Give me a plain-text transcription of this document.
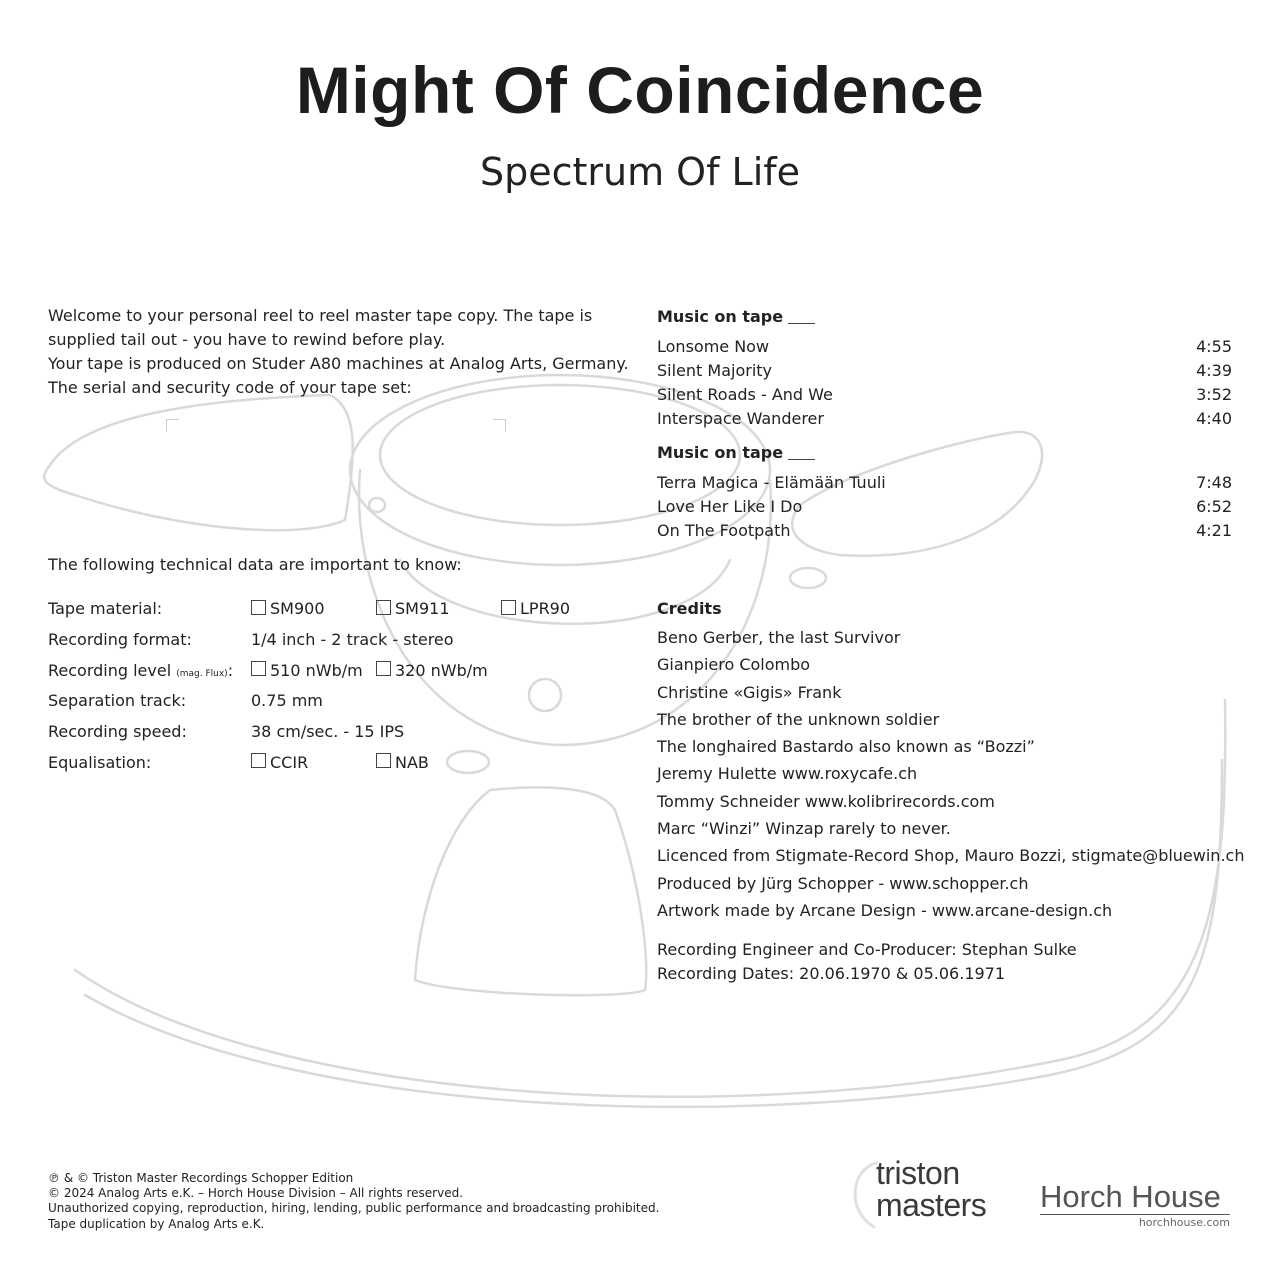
Might Of Coincidence
Spectrum Of Life

Welcome to your personal reel to reel master tape copy. The tape is supplied tail out - you have to rewind before play.

Your tape is produced on Studer A80 machines at Analog Arts, Germany.

The serial and security code of your tape set:

The following technical data are important to know:

Tape material:	SM900	SM911	LPR90
Recording format:	1/4 inch - 2 track - stereo
Recording level (mag. Flux): 510 nWb/m 320 nWb/m
Separation track:	0.75 mm
Recording speed:	38 cm/sec. - 15 IPS
Equalisation:	CCIR	NAB

Music on tape

Lonsome Now	4:55
Silent Majority	4:39
Silent Roads - And We	3:52
Interspace Wanderer	4:40

Music on tape

Terra Magica - Elämään Tuuli	7:48
Love Her Like I Do	6:52
On The Footpath	4:21

Credits

Beno Gerber, the last Survivor
Gianpiero Colombo
Christine «Gigis» Frank
The brother of the unknown soldier
The longhaired Bastardo also known as “Bozzi”
Jeremy Hulette www.roxycafe.ch
Tommy Schneider www.kolibrirecords.com
Marc “Winzi” Winzap rarely to never.
Licenced from Stigmate-Record Shop, Mauro Bozzi, stigmate@bluewin.ch
Produced by Jürg Schopper - www.schopper.ch
Artwork made by Arcane Design - www.arcane-design.ch

Recording Engineer and Co-Producer: Stephan Sulke

Recording Dates: 20.06.1970 & 05.06.1971

℗ & © Triston Master Recordings Schopper Edition

© 2024 Analog Arts e.K. – Horch House Division – All rights reserved.

Unauthorized copying, reproduction, hiring, lending, public performance and broadcasting prohibited.

Tape duplication by Analog Arts e.K.

triston
masters Horch House
horchhouse.com
